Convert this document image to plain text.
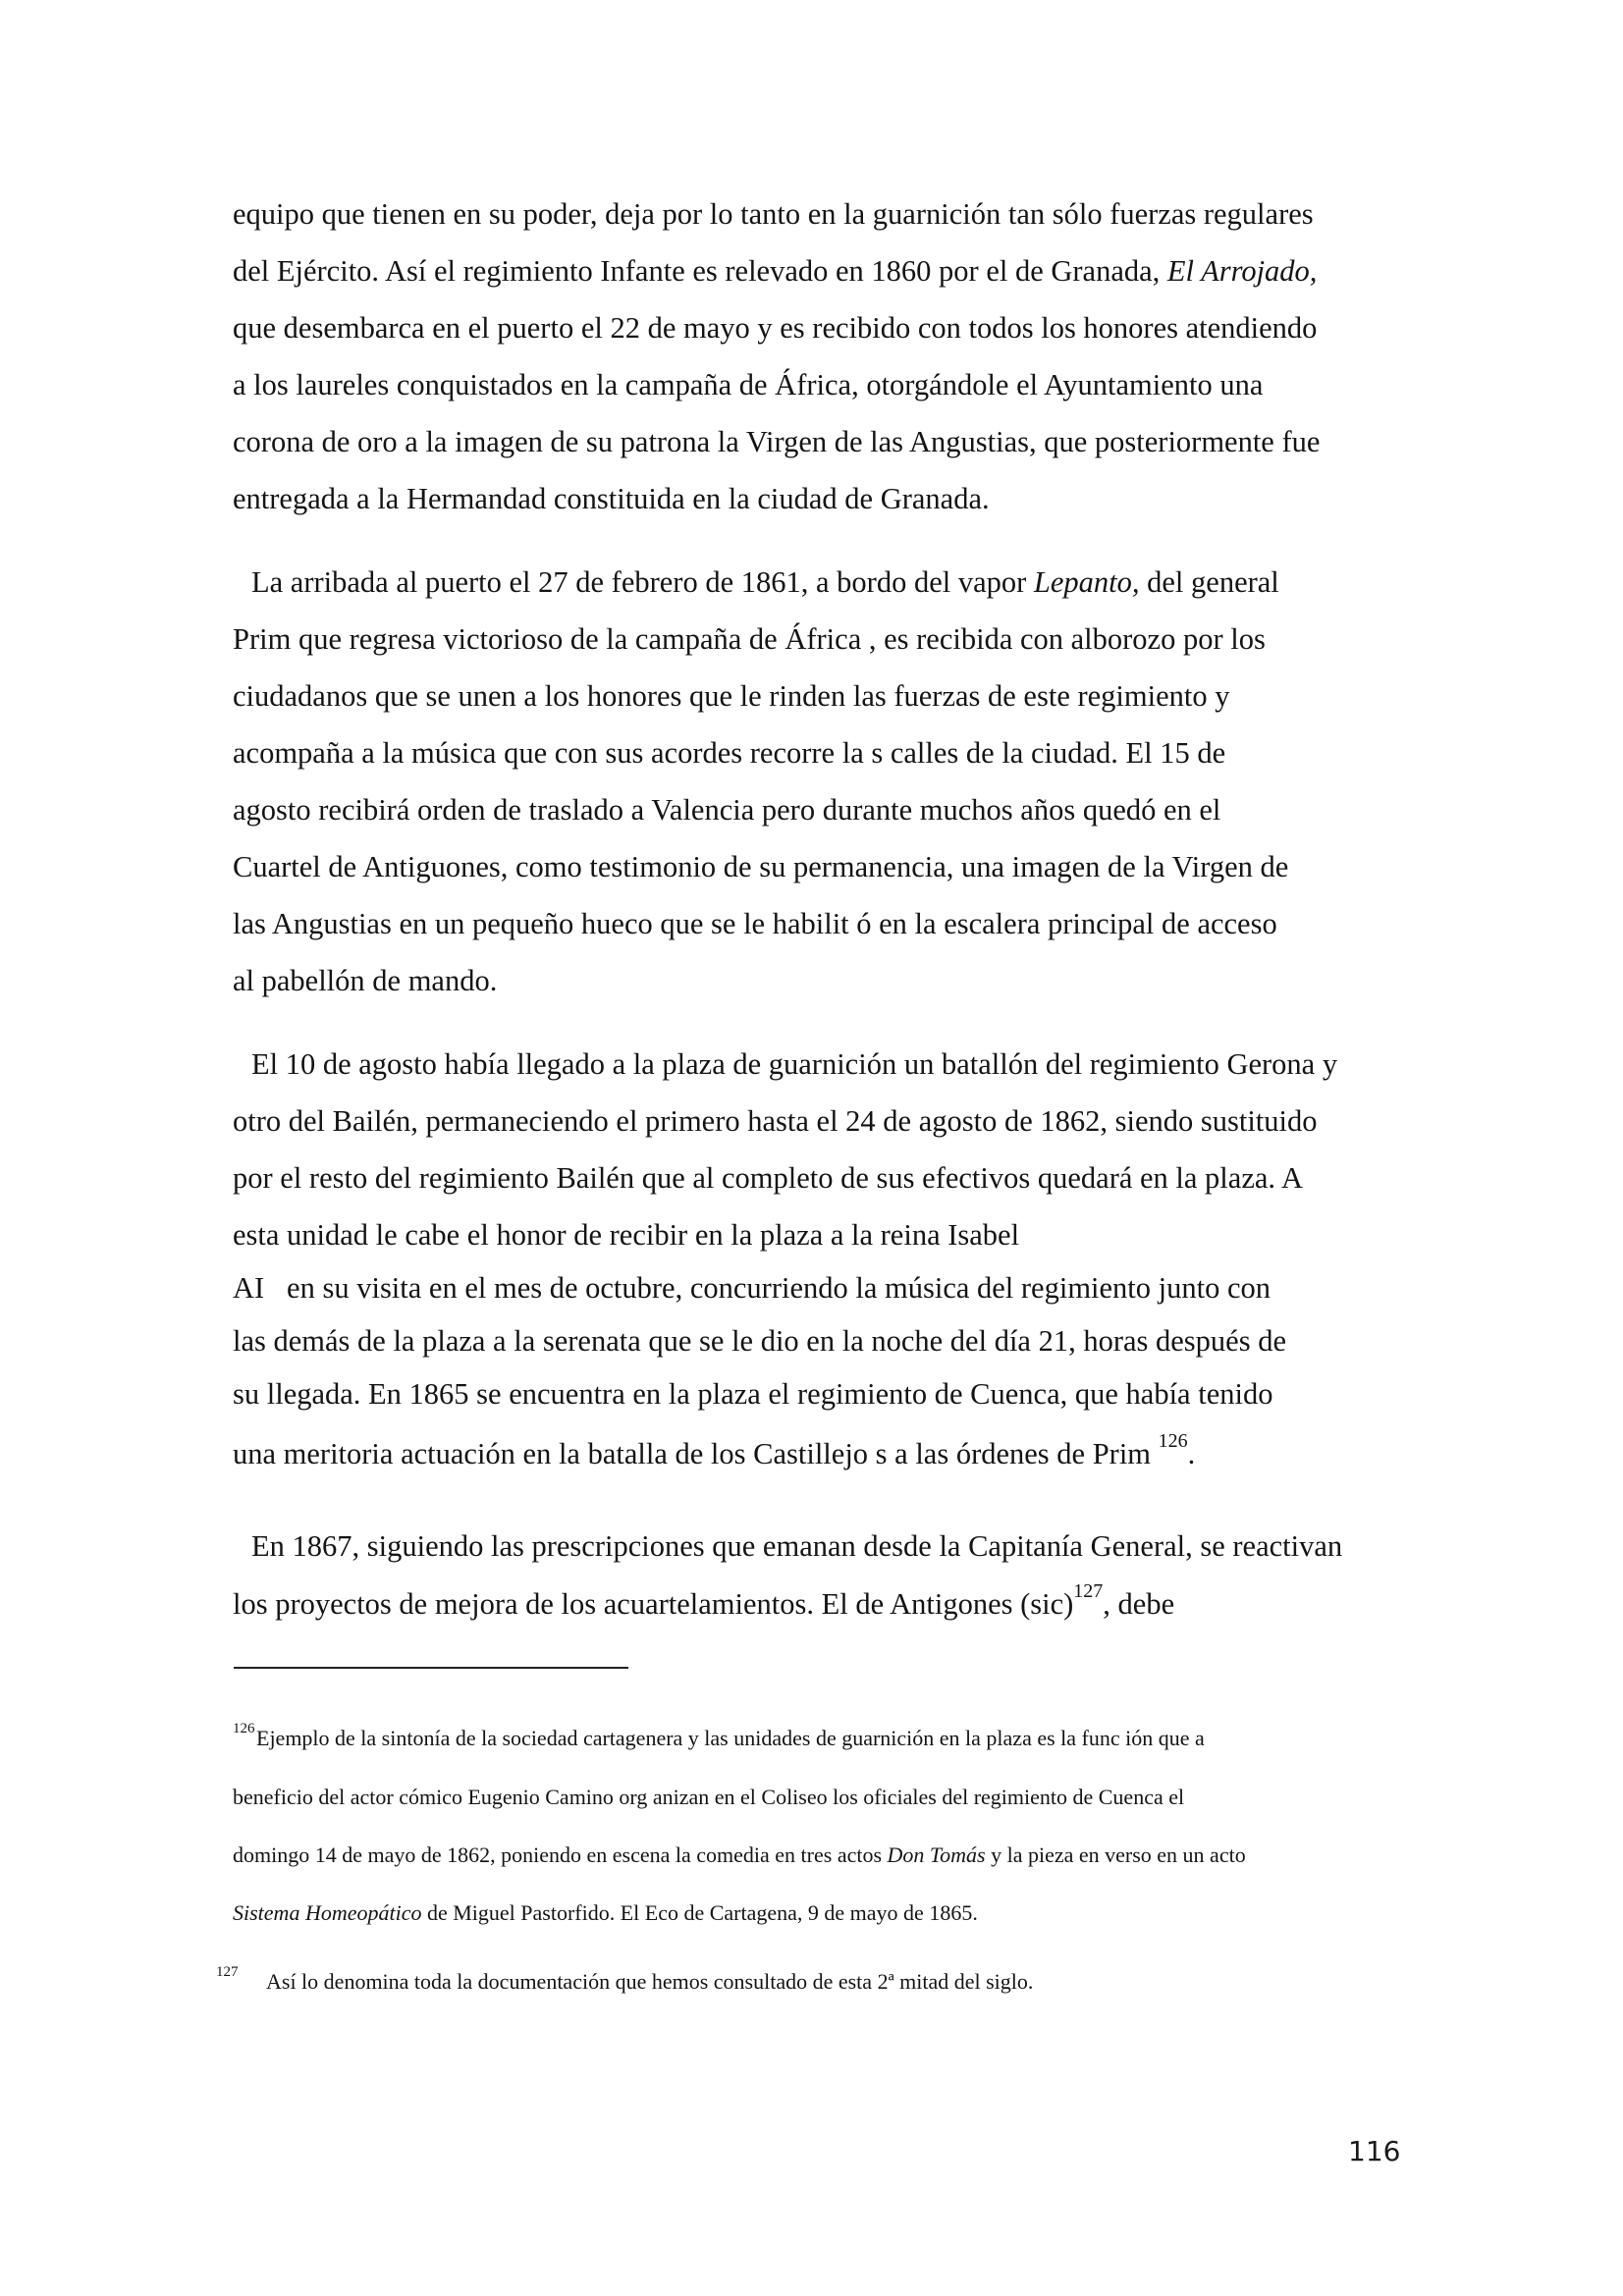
equipo que tienen en su poder, deja por lo tanto en la guarnición tan sólo fuerzas regulares
del Ejército. Así el regimiento Infante es relevado en 1860 por el de Granada, El Arrojado,
que desembarca en el puerto el 22 de mayo y es recibido con todos los honores atendiendo
a los laureles conquistados en la campaña de África, otorgándole el Ayuntamiento una
corona de oro a la imagen de su patrona la Virgen de las Angustias, que posteriormente fue
entregada a la Hermandad constituida en la ciudad de Granada.
La arribada al puerto el 27 de febrero de 1861, a bordo del vapor Lepanto, del general
Prim que regresa victorioso de la campaña de África , es recibida con alborozo por los
ciudadanos que se unen a los honores que le rinden las fuerzas de este regimiento y
acompaña a la música que con sus acordes recorre la s calles de la ciudad. El 15 de
agosto recibirá orden de traslado a Valencia pero durante muchos años quedó en el
Cuartel de Antiguones, como testimonio de su permanencia, una imagen de la Virgen de
las Angustias en un pequeño hueco que se le habilit ó en la escalera principal de acceso
al pabellón de mando.
El 10 de agosto había llegado a la plaza de guarnición un batallón del regimiento Gerona y
otro del Bailén, permaneciendo el primero hasta el 24 de agosto de 1862, siendo sustituido
por el resto del regimiento Bailén que al completo de sus efectivos quedará en la plaza. A
esta unidad le cabe el honor de recibir en la plaza a la reina Isabel
AI   en su visita en el mes de octubre, concurriendo la música del regimiento junto con
las demás de la plaza a la serenata que se le dio en la noche del día 21, horas después de
su llegada. En 1865 se encuentra en la plaza el regimiento de Cuenca, que había tenido
una meritoria actuación en la batalla de los Castillejo s a las órdenes de Prim $^{126}$.
En 1867, siguiendo las prescripciones que emanan desde la Capitanía General, se reactivan
los proyectos de mejora de los acuartelamientos. El de Antigones (sic)$^{127}$, debe
126 Ejemplo de la sintonía de la sociedad cartagenera y las unidades de guarnición en la plaza es la func ión que a
beneficio del actor cómico Eugenio Camino org anizan en el Coliseo los oficiales del regimiento de Cuenca el
domingo 14 de mayo de 1862, poniendo en escena la comedia en tres actos Don Tomás y la pieza en verso en un acto
Sistema Homeopático de Miguel Pastorfido. El Eco de Cartagena, 9 de mayo de 1865.
127 Así lo denomina toda la documentación que hemos consultado de esta 2ª mitad del siglo.
116
